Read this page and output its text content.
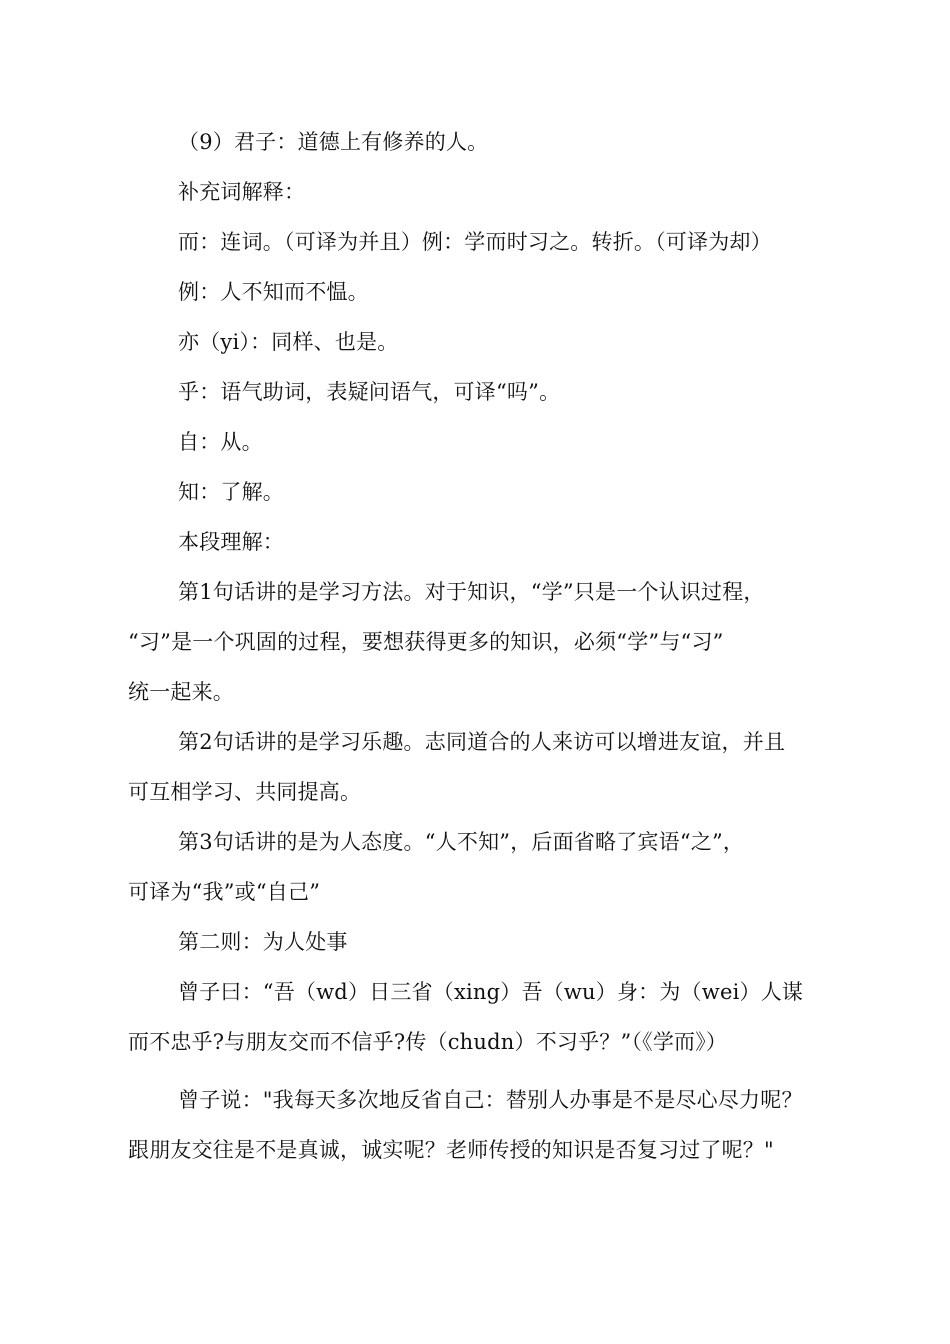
（9）君子：道德上有修养的人。
补充词解释：
而：连词。（可译为并且）例：学而时习之。转折。（可译为却）
例：人不知而不愠。
亦（yi）：同样、也是。
乎：语气助词，表疑问语气，可译“吗”。
自：从。
知：了解。
本段理解：
第1句话讲的是学习方法。对于知识，“学”只是一个认识过程，
“习”是一个巩固的过程，要想获得更多的知识，必须“学”与“习”
统一起来。
第2句话讲的是学习乐趣。志同道合的人来访可以增进友谊，并且
可互相学习、共同提高。
第3句话讲的是为人态度。“人不知”，后面省略了宾语“之”，
可译为“我”或“自己”
第二则：为人处事
曾子曰：“吾（wd）日三省（xing）吾（wu）身：为（wei）人谋
而不忠乎?与朋友交而不信乎?传（chudn）不习乎？”（《学而》）
曾子说："我每天多次地反省自己：替别人办事是不是尽心尽力呢？
跟朋友交往是不是真诚，诚实呢？老师传授的知识是否复习过了呢？"
